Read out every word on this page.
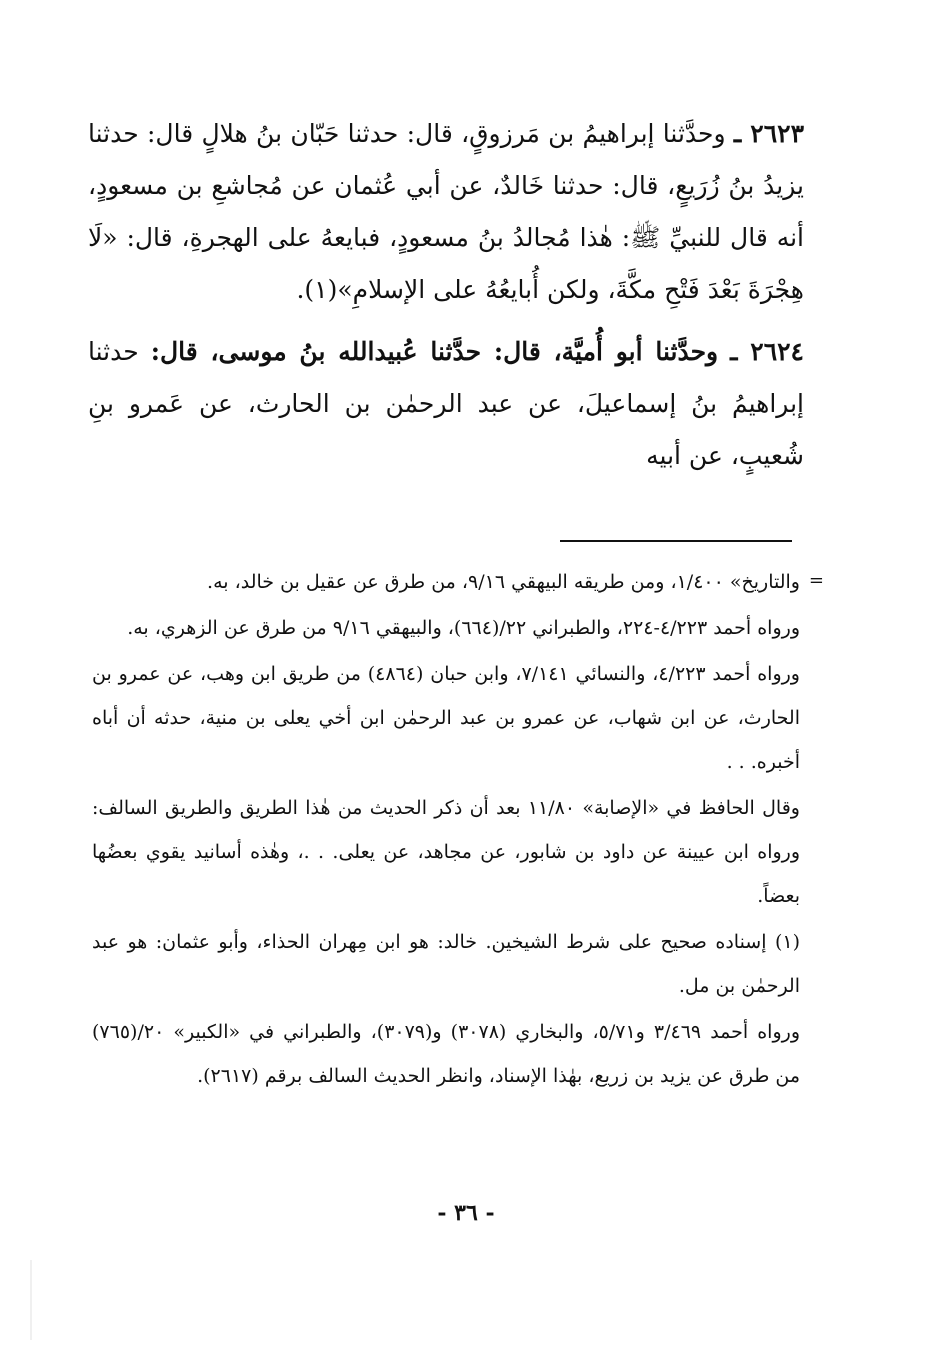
٢٦٢٣ ـ وحدَّثنا إبراهيمُ بن مَرزوقٍ، قال: حدثنا حَبّان بنُ هلالٍ قال: حدثنا يزيدُ بنُ زُرَيعٍ، قال: حدثنا خَالدٌ، عن أبي عُثمان عن مُجاشعِ بن مسعودٍ، أنه قال للنبيِّ ﷺ: هٰذا مُجالدُ بنُ مسعودٍ، فبايعهُ على الهجرةِ، قال: «لَا هِجْرَةَ بَعْدَ فَتْحِ مكَّةَ، ولكن أُبايعُهُ على الإسلامِ»(١).

٢٦٢٤ ـ وحدَّثنا أبو أُميَّة، قال: حدَّثنا عُبيدالله بنُ موسى، قال: حدثنا إبراهيمُ بنُ إسماعيلَ، عن عبد الرحمٰن بن الحارث، عن عَمرو بنِ شُعيبٍ، عن أبيه

=

والتاريخ» ١/٤٠٠، ومن طريقه البيهقي ٩/١٦، من طرق عن عقيل بن خالد، به.

ورواه أحمد ٤/٢٢٣-٢٢٤، والطبراني ٢٢/(٦٦٤)، والبيهقي ٩/١٦ من طرق عن الزهري، به.

ورواه أحمد ٤/٢٢٣، والنسائي ٧/١٤١، وابن حبان (٤٨٦٤) من طريق ابن وهب، عن عمرو بن الحارث، عن ابن شهاب، عن عمرو بن عبد الرحمٰن ابن أخي يعلى بن منية، حدثه أن أباه أخبره. . .

وقال الحافظ في «الإصابة» ١١/٨٠ بعد أن ذكر الحديث من هٰذا الطريق والطريق السالف: ورواه ابن عيينة عن داود بن شابور، عن مجاهد، عن يعلى. . .، وهٰذه أسانيد يقوي بعضُها بعضاً.

(١) إسناده صحيح على شرط الشيخين. خالد: هو ابن مِهران الحذاء، وأبو عثمان: هو عبد الرحمٰن بن مل.

ورواه أحمد ٣/٤٦٩ و٥/٧١، والبخاري (٣٠٧٨) و(٣٠٧٩)، والطبراني في «الكبير» ٢٠/(٧٦٥) من طرق عن يزيد بن زريع، بهٰذا الإسناد، وانظر الحديث السالف برقم (٢٦١٧).

- ٣٦ -
